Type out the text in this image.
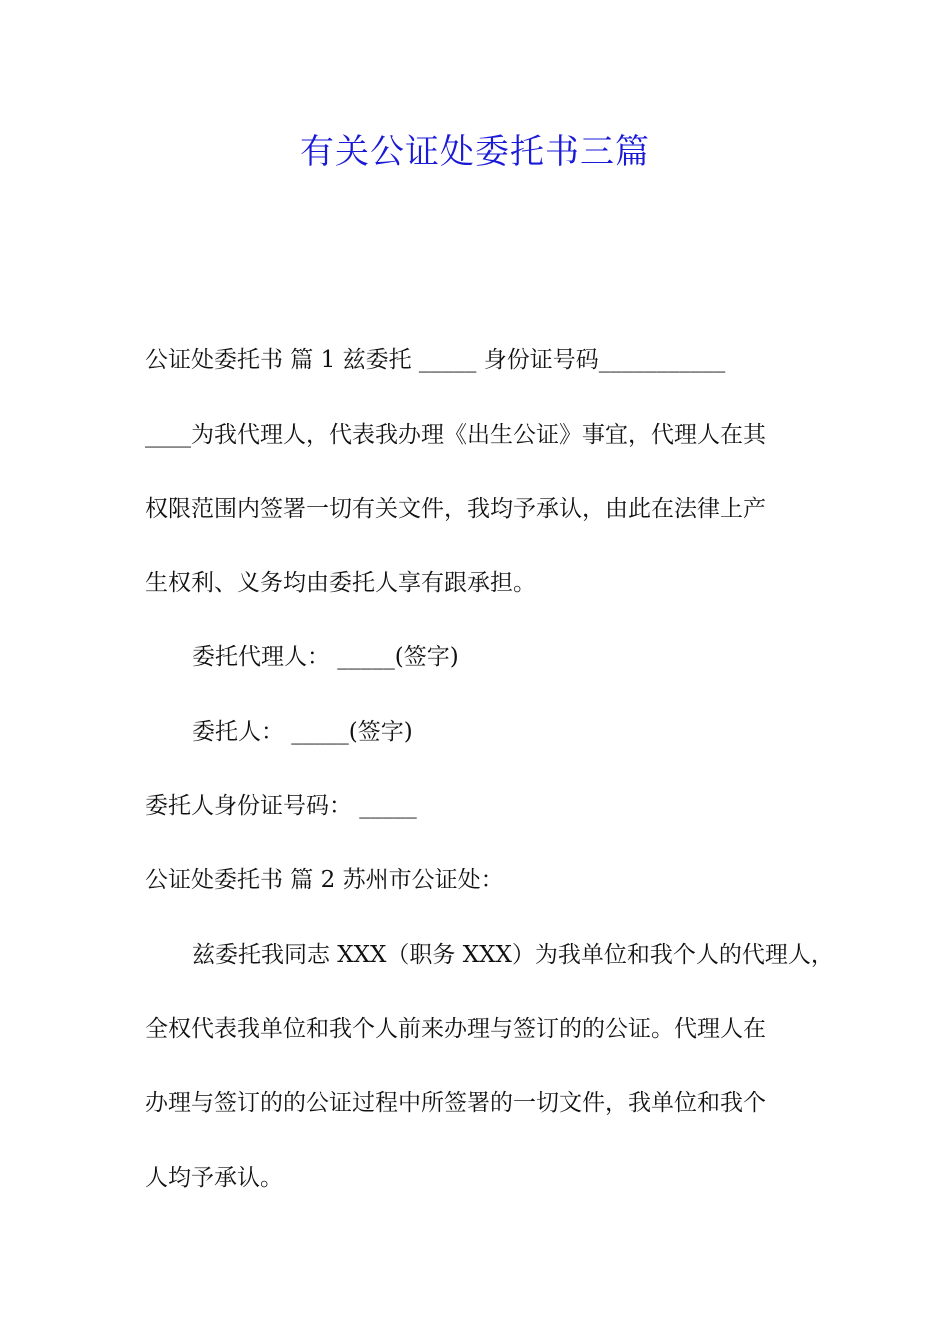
有关公证处委托书三篇
公证处委托书 篇 1 兹委托 _____ 身份证号码___________
____为我代理人，代表我办理《出生公证》事宜，代理人在其
权限范围内签署一切有关文件，我均予承认，由此在法律上产
生权利、义务均由委托人享有跟承担。
委托代理人： _____(签字)
委托人： _____(签字)
委托人身份证号码： _____
公证处委托书 篇 2 苏州市公证处：
兹委托我同志 XXX（职务 XXX）为我单位和我个人的代理人，
全权代表我单位和我个人前来办理与签订的的公证。代理人在
办理与签订的的公证过程中所签署的一切文件，我单位和我个
人均予承认。
